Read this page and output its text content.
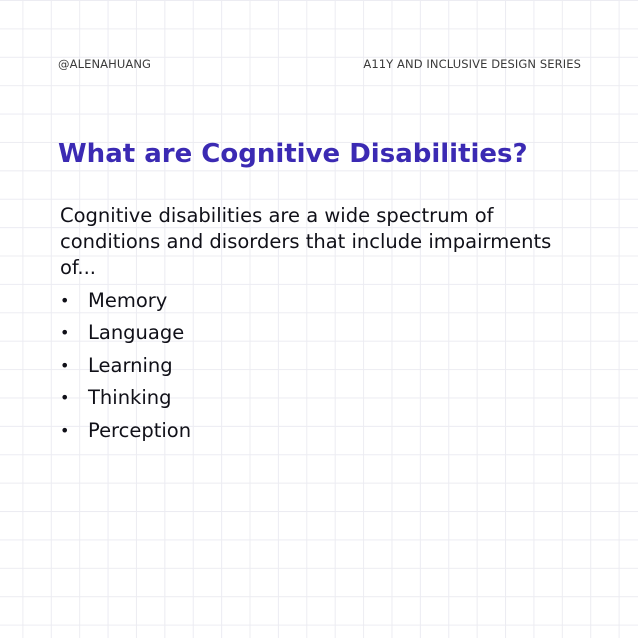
@ALENAHUANG	A11Y AND INCLUSIVE DESIGN SERIES
What are Cognitive Disabilities?

Cognitive disabilities are a wide spectrum of conditions and disorders that include impairments of...

• Memory
• Language
• Learning
• Thinking
• Perception
